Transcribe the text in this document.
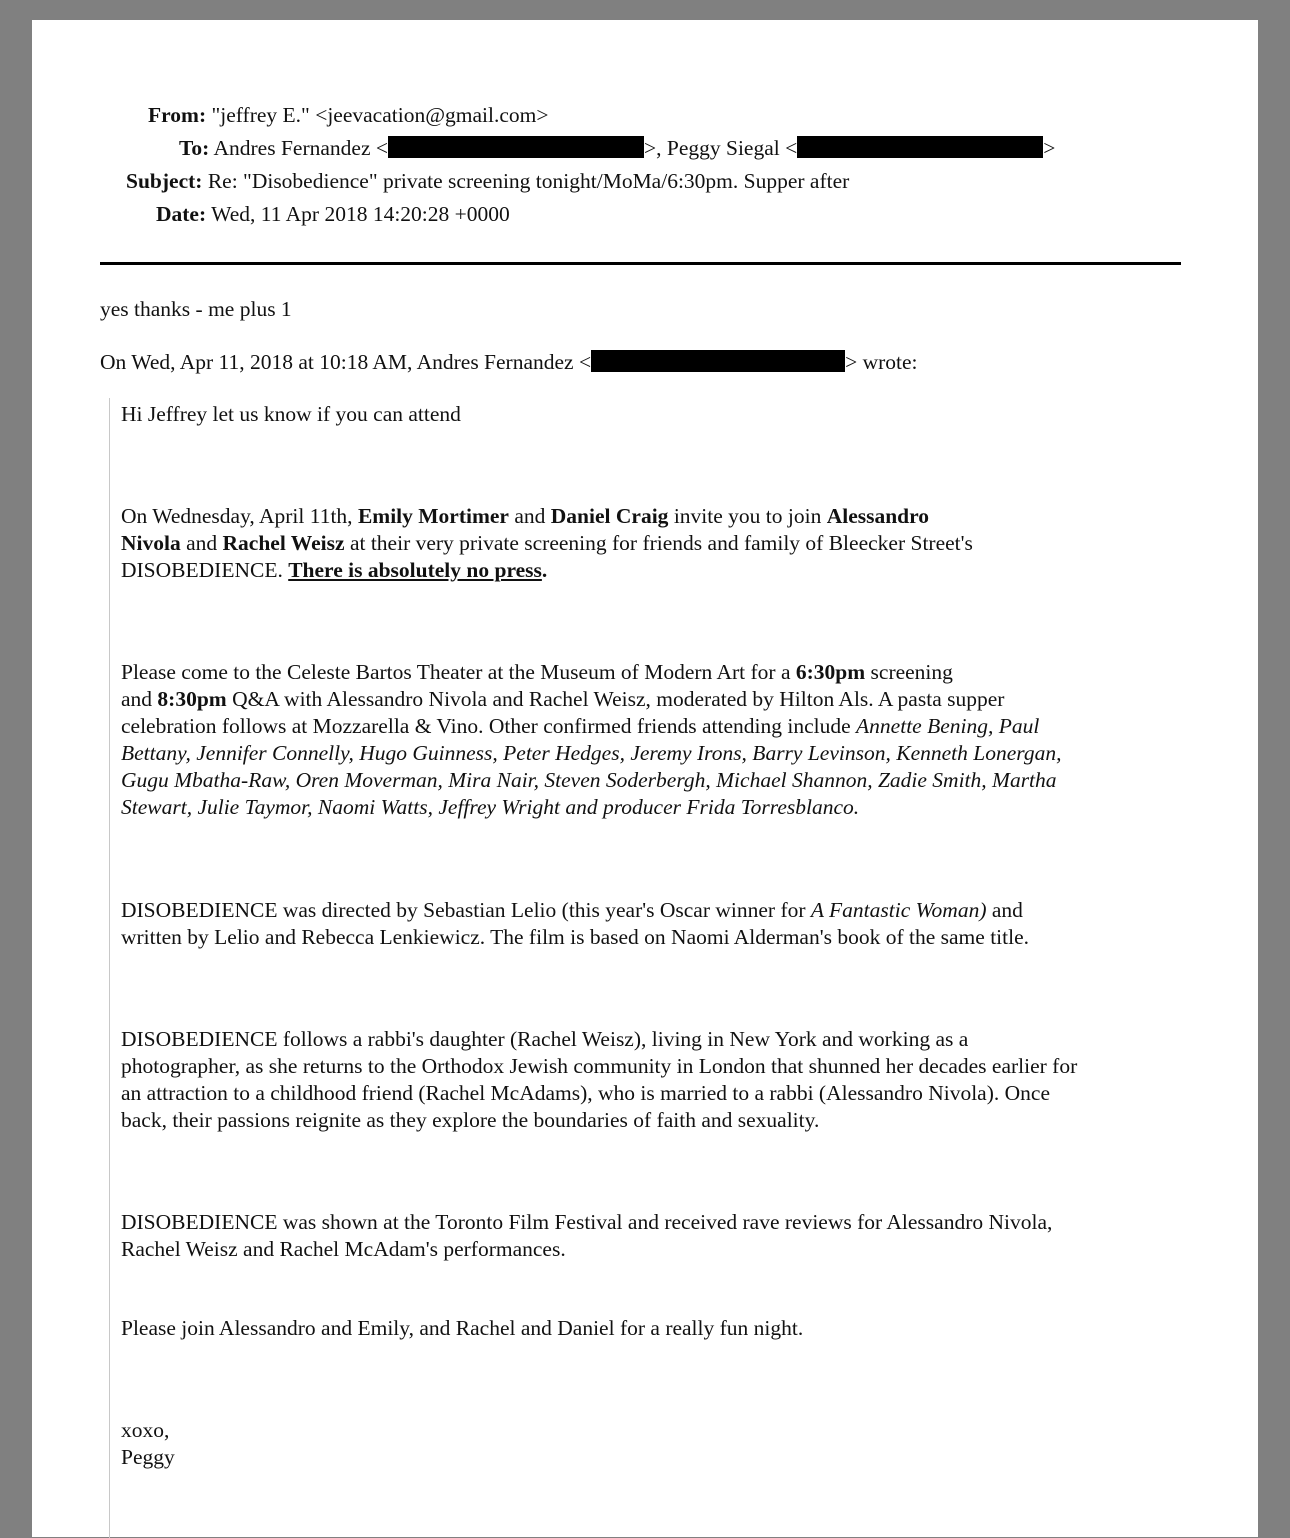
From: "jeffrey E." <jeevacation@gmail.com>
To: Andres Fernandez <	>, Peggy Siegal <	>
Subject: Re: "Disobedience" private screening tonight/MoMa/6:30pm. Supper after
Date: Wed, 11 Apr 2018 14:20:28 +0000
yes thanks - me plus 1
On Wed, Apr 11, 2018 at 10:18 AM, Andres Fernandez <	> wrote:
Hi Jeffrey let us know if you can attend
On Wednesday, April 11th, Emily Mortimer and Daniel Craig invite you to join Alessandro
Nivola and Rachel Weisz at their very private screening for friends and family of Bleecker Street's
DISOBEDIENCE. There is absolutely no press.
Please come to the Celeste Bartos Theater at the Museum of Modern Art for a 6:30pm screening
and 8:30pm Q&A with Alessandro Nivola and Rachel Weisz, moderated by Hilton Als. A pasta supper
celebration follows at Mozzarella & Vino. Other confirmed friends attending include Annette Bening, Paul
Bettany, Jennifer Connelly, Hugo Guinness, Peter Hedges, Jeremy Irons, Barry Levinson, Kenneth Lonergan,
Gugu Mbatha-Raw, Oren Moverman, Mira Nair, Steven Soderbergh, Michael Shannon, Zadie Smith, Martha
Stewart, Julie Taymor, Naomi Watts, Jeffrey Wright and producer Frida Torresblanco.
DISOBEDIENCE was directed by Sebastian Lelio (this year's Oscar winner for A Fantastic Woman) and
written by Lelio and Rebecca Lenkiewicz. The film is based on Naomi Alderman's book of the same title.
DISOBEDIENCE follows a rabbi's daughter (Rachel Weisz), living in New York and working as a
photographer, as she returns to the Orthodox Jewish community in London that shunned her decades earlier for
an attraction to a childhood friend (Rachel McAdams), who is married to a rabbi (Alessandro Nivola). Once
back, their passions reignite as they explore the boundaries of faith and sexuality.
DISOBEDIENCE was shown at the Toronto Film Festival and received rave reviews for Alessandro Nivola,
Rachel Weisz and Rachel McAdam's performances.
Please join Alessandro and Emily, and Rachel and Daniel for a really fun night.
xoxo,
Peggy
